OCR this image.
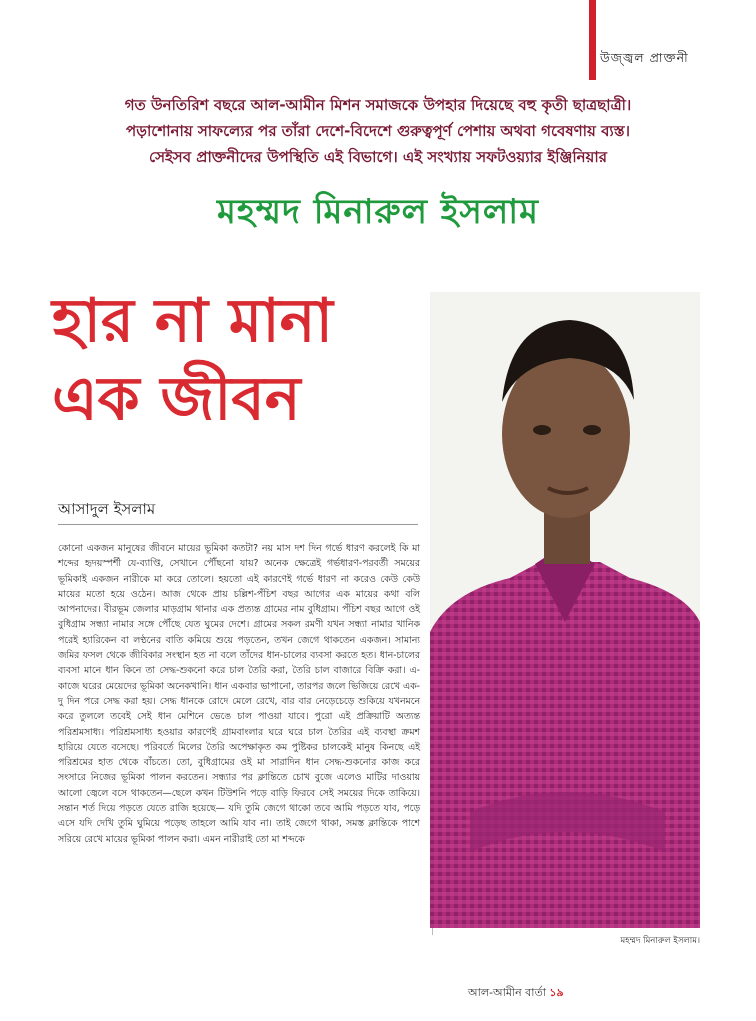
উজ্জ্বল প্রাক্তনী
গত উনতিরিশ বছরে আল-আমীন মিশন সমাজকে উপহার দিয়েছে বহু কৃতী ছাত্রছাত্রী।
পড়াশোনায় সাফল্যের পর তাঁরা দেশে-বিদেশে গুরুত্বপূর্ণ পেশায় অথবা গবেষণায় ব্যস্ত।
সেইসব প্রাক্তনীদের উপস্থিতি এই বিভাগে। এই সংখ্যায় সফটওয়্যার ইঞ্জিনিয়ার
মহম্মদ মিনারুল ইসলাম
হার না মানা
এক জীবন
আসাদুল ইসলাম
কোনো একজন মানুষের জীবনে মায়ের ভূমিকা কতটা? নয় মাস দশ দিন গর্ভে ধারণ করলেই কি মা শব্দের হৃদয়স্পর্শী যে-ব্যাপ্তি, সেখানে পৌঁছনো যায়? অনেক ক্ষেত্রেই গর্ভধারণ-পরবর্তী সময়ের ভূমিকাই একজন নারীকে মা করে তোলে। হয়তো এই কারণেই গর্ভে ধারণ না করেও কেউ কেউ মায়ের মতো হয়ে ওঠেন। আজ থেকে প্রায় চল্লিশ-পঁচিশ বছর আগের এক মায়ের কথা বলি আপনাদের। বীরভূম জেলার মাড়গ্রাম থানার এক প্রত্যন্ত গ্রামের নাম বুধিগ্রাম। পঁচিশ বছর আগে ওই বুধিগ্রাম সন্ধ্যা নামার সঙ্গে পৌঁছে যেত ঘুমের দেশে। গ্রামের সকল রমণী যখন সন্ধ্যা নামার খানিক পরেই হ্যারিকেন বা লণ্ঠনের বাতি কমিয়ে শুয়ে পড়তেন, তখন জেগে থাকতেন একজন। সামান্য জমির ফসল থেকে জীবিকার সংস্থান হত না বলে তাঁদের ধান-চালের ব্যবসা করতে হত। ধান-চালের ব্যবসা মানে ধান কিনে তা সেদ্ধ-শুকনো করে চাল তৈরি করা, তৈরি চাল বাজারে বিক্রি করা। এ-কাজে ঘরের মেয়েদের ভূমিকা অনেকখানি। ধান একবার ভাপানো, তারপর জলে ভিজিয়ে রেখে এক-দু দিন পরে সেদ্ধ করা হয়। সেদ্ধ ধানকে রোদে মেলে রেখে, বার বার নেড়েচেড়ে শুকিয়ে যখনমনে করে তুললে তবেই সেই ধান মেশিনে ভেঙে চাল পাওয়া যাবে। পুরো এই প্রক্রিয়াটি অত্যন্ত পরিশ্রমসাধ্য। পরিশ্রমসাধ্য হওয়ার কারণেই গ্রামবাংলার ঘরে ঘরে চাল তৈরির এই ব্যবস্থা ক্রমশ হারিয়ে যেতে বসেছে। পরিবর্তে মিলের তৈরি অপেক্ষাকৃত কম পুষ্টিকর চালকেই মানুষ কিনছে এই পরিশ্রমের হাত থেকে বাঁচতে। তো, বুধিগ্রামের ওই মা সারাদিন ধান সেদ্ধ-শুকনোর কাজ করে সংসারে নিজের ভূমিকা পালন করতেন। সন্ধ্যার পর ক্লান্তিতে চোখ বুজে এলেও মাটির দাওয়ায় আলো জ্বেলে বসে থাকতেন—ছেলে কখন টিউশনি পড়ে বাড়ি ফিরবে সেই সময়ের দিকে তাকিয়ে। সন্তান শর্ত দিয়ে পড়তে যেতে রাজি হয়েছে— যদি তুমি জেগে থাকো তবে আমি পড়তে যাব, পড়ে এসে যদি দেখি তুমি ঘুমিয়ে পড়েছ তাহলে আমি যাব না। তাই জেগে থাকা, সমস্ত ক্লান্তিকে পাশে সরিয়ে রেখে মায়ের ভূমিকা পালন করা। এমন নারীরাই তো মা শব্দকে
মহম্মদ মিনারুল ইসলাম।
আল-আমীন বার্তা ১৯
